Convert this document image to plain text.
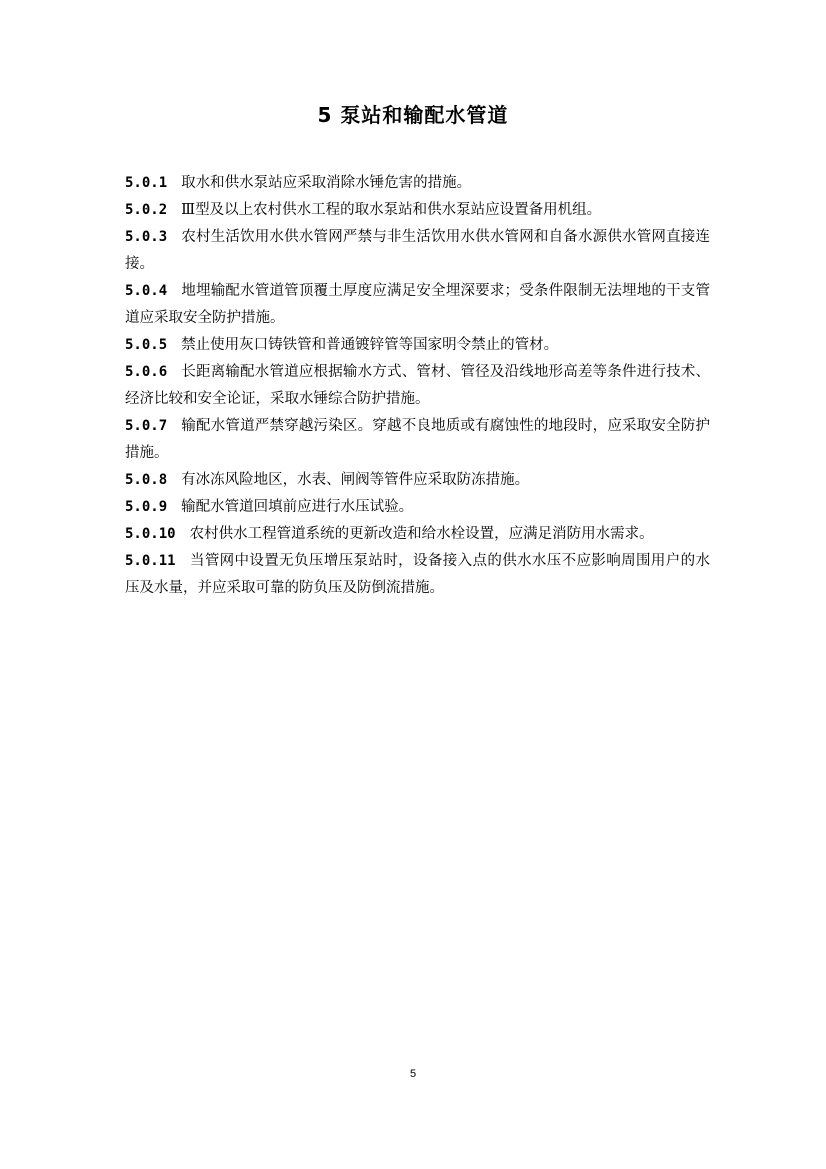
5 泵站和输配水管道

5.0.1 取水和供水泵站应采取消除水锤危害的措施。

5.0.2 Ⅲ型及以上农村供水工程的取水泵站和供水泵站应设置备用机组。

5.0.3 农村生活饮用水供水管网严禁与非生活饮用水供水管网和自备水源供水管网直接连接。

5.0.4 地埋输配水管道管顶覆土厚度应满足安全埋深要求；受条件限制无法埋地的干支管道应采取安全防护措施。

5.0.5 禁止使用灰口铸铁管和普通镀锌管等国家明令禁止的管材。

5.0.6 长距离输配水管道应根据输水方式、管材、管径及沿线地形高差等条件进行技术、经济比较和安全论证，采取水锤综合防护措施。

5.0.7 输配水管道严禁穿越污染区。穿越不良地质或有腐蚀性的地段时，应采取安全防护措施。

5.0.8 有冰冻风险地区，水表、闸阀等管件应采取防冻措施。

5.0.9 输配水管道回填前应进行水压试验。

5.0.10 农村供水工程管道系统的更新改造和给水栓设置，应满足消防用水需求。

5.0.11 当管网中设置无负压增压泵站时，设备接入点的供水水压不应影响周围用户的水压及水量，并应采取可靠的防负压及防倒流措施。

5
